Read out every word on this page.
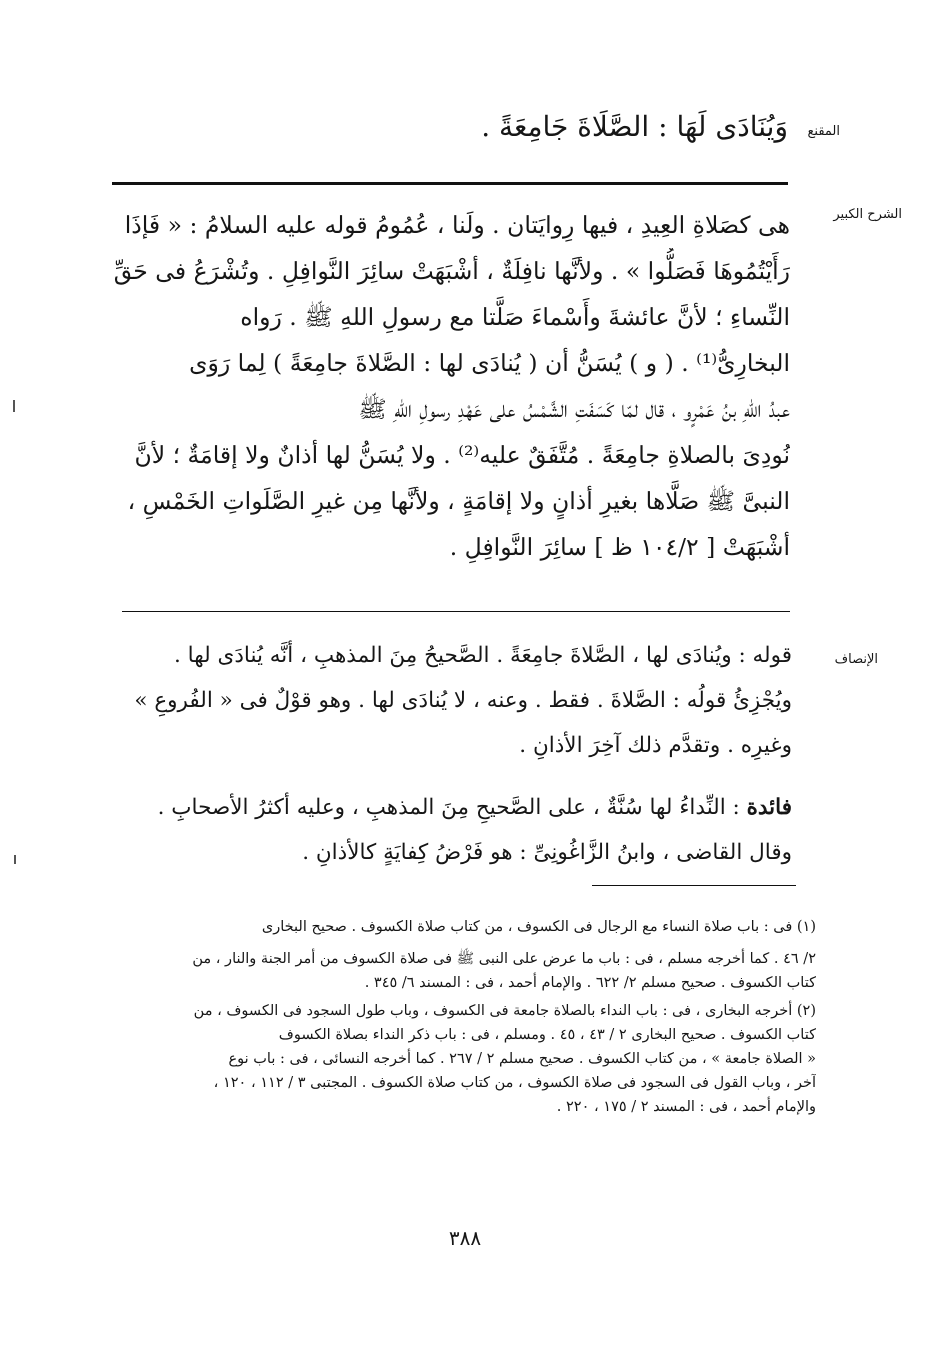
المقنع
وَيُنَادَى لَهَا : الصَّلَاةَ جَامِعَةً .
الشرح الكبير
هى كصَلاةِ العِيدِ ، فيها رِوايَتان . ولَنا ، عُمُومُ قوله عليه السلامُ : « فَإذَا
رَأَيْتُمُوهَا فَصَلُّوا » . ولأنَّها نافِلَةٌ ، أشْبَهَتْ سائِرَ النَّوافِلِ . وتُشْرَعُ فى حَقِّ
النِّساءِ ؛ لأنَّ عائشةَ وأَسْماءَ صَلَّتا مع رسولِ اللهِ ﷺ . رَواه
البخارِىُّ⁽¹⁾ . ( و ) يُسَنُّ أن ( يُنادَى لها : الصَّلاةَ جامِعَةً ) لِما رَوَى
عبدُ اللهِ بنُ عَمْرٍو ، قال لمّا كَسَفَتِ الشَّمْسُ على عَهْدِ رسولِ اللهِ ﷺ
نُودِىَ بالصلاةِ جامِعَةً . مُتَّفَقٌ عليه⁽²⁾ . ولا يُسَنُّ لها أذانٌ ولا إقامَةٌ ؛ لأنَّ
النبىَّ ﷺ صَلَّاها بغيرِ أذانٍ ولا إقامَةٍ ، ولأنَّها مِن غيرِ الصَّلَواتِ الخَمْسِ ،
أشْبَهَتْ [ ١٠٤/٢ ظ ] سائِرَ النَّوافِلِ .
الإنصاف
قوله : ويُنادَى لها ، الصَّلاةَ جامِعَةً . الصَّحيحُ مِنَ المذهبِ ، أنَّه يُنادَى لها .
ويُجْزِئُ قولُه : الصَّلاةَ . فقط . وعنه ، لا يُنادَى لها . وهو قوْلٌ فى « الفُروعِ »
وغيرِه . وتقدَّم ذلك آخِرَ الأذانِ .
فائدة : النِّداءُ لها سُنَّةٌ ، على الصَّحيحِ مِنَ المذهبِ ، وعليه أكثرُ الأصحابِ .
وقال القاضى ، وابنُ الزَّاغُونِىِّ : هو فَرْضُ كِفايَةٍ كالأذانِ .
(١) فى : باب صلاة النساء مع الرجال فى الكسوف ، من كتاب صلاة الكسوف . صحيح البخارى
٢/ ٤٦ . كما أخرجه مسلم ، فى : باب ما عرض على النبى ﷺ فى صلاة الكسوف من أمر الجنة والنار ، من
كتاب الكسوف . صحيح مسلم ٢/ ٦٢٢ . والإمام أحمد ، فى : المسند ٦/ ٣٤٥ .
(٢) أخرجه البخارى ، فى : باب النداء بالصلاة جامعة فى الكسوف ، وباب طول السجود فى الكسوف ، من
كتاب الكسوف . صحيح البخارى ٢ / ٤٣ ، ٤٥ . ومسلم ، فى : باب ذكر النداء بصلاة الكسوف
« الصلاة جامعة » ، من كتاب الكسوف . صحيح مسلم ٢ / ٢٦٧ . كما أخرجه النسائى ، فى : باب نوع
آخر ، وباب القول فى السجود فى صلاة الكسوف ، من كتاب صلاة الكسوف . المجتبى ٣ / ١١٢ ، ١٢٠ ،
والإمام أحمد ، فى : المسند ٢ / ١٧٥ ، ٢٢٠ .
٣٨٨
